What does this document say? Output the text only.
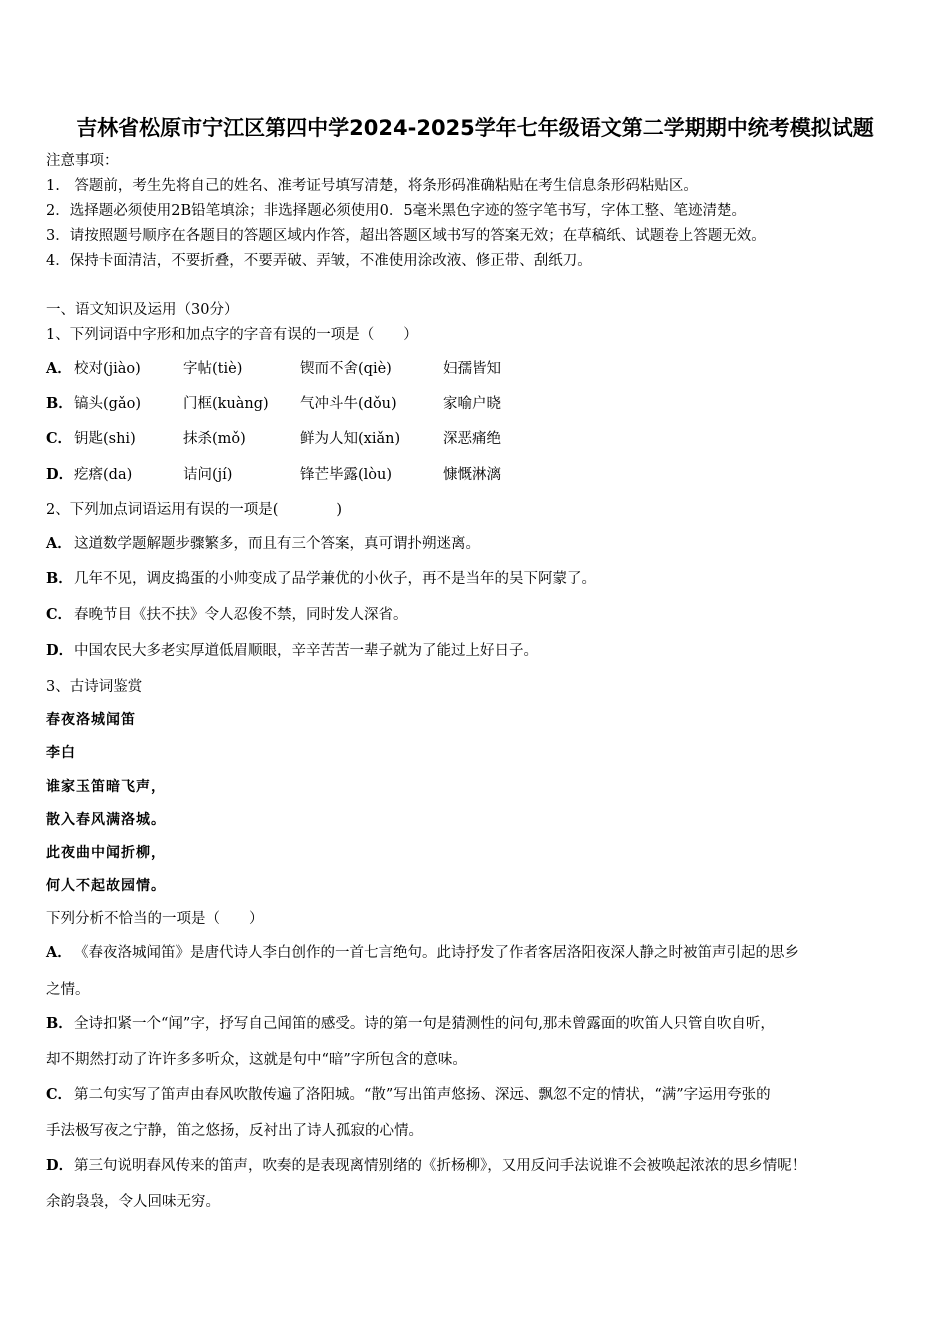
吉林省松原市宁江区第四中学2024-2025学年七年级语文第二学期期中统考模拟试题
注意事项：
1.　答题前，考生先将自己的姓名、准考证号填写清楚，将条形码准确粘贴在考生信息条形码粘贴区。
2．选择题必须使用2B铅笔填涂；非选择题必须使用0．5毫米黑色字迹的签字笔书写，字体工整、笔迹清楚。
3．请按照题号顺序在各题目的答题区域内作答，超出答题区域书写的答案无效；在草稿纸、试题卷上答题无效。
4．保持卡面清洁，不要折叠，不要弄破、弄皱，不准使用涂改液、修正带、刮纸刀。
一、语文知识及运用（30分）
1、下列词语中字形和加点字的字音有误的一项是（　　）
A． 校对(jiào)	字帖(tiè)	锲而不舍(qiè)	妇孺皆知
B． 镐头(gǎo)	门框(kuàng) 气冲斗牛(dǒu)	家喻户晓
C． 钥匙(shi)	抹杀(mǒ)	鲜为人知(xiǎn)	深恶痛绝
D． 疙瘩(da)	诘问(jí)	锋芒毕露(lòu)	慷慨淋漓
2、下列加点词语运用有误的一项是(　　　　)
A． 这道数学题解题步骤繁多，而且有三个答案，真可谓扑朔迷离。
B．几年不见，调皮捣蛋的小帅变成了品学兼优的小伙子，再不是当年的吴下阿蒙了。
C． 春晚节目《扶不扶》令人忍俊不禁，同时发人深省。
D．中国农民大多老实厚道低眉顺眼，辛辛苦苦一辈子就为了能过上好日子。
3、古诗词鉴赏
春夜洛城闻笛
李白
谁家玉笛暗飞声，
散入春风满洛城。
此夜曲中闻折柳，
何人不起故园情。
下列分析不恰当的一项是（　　）
A． 《春夜洛城闻笛》是唐代诗人李白创作的一首七言绝句。此诗抒发了作者客居洛阳夜深人静之时被笛声引起的思乡
之情。
B．全诗扣紧一个“闻”字，抒写自己闻笛的感受。诗的第一句是猜测性的问句,那未曾露面的吹笛人只管自吹自听，
却不期然打动了许许多多听众，这就是句中“暗”字所包含的意味。
C． 第二句实写了笛声由春风吹散传遍了洛阳城。“散”写出笛声悠扬、深远、飘忽不定的情状，“满”字运用夸张的
手法极写夜之宁静，笛之悠扬，反衬出了诗人孤寂的心情。
D．第三句说明春风传来的笛声，吹奏的是表现离情别绪的《折杨柳》，又用反问手法说谁不会被唤起浓浓的思乡情呢！
余韵袅袅，令人回味无穷。
